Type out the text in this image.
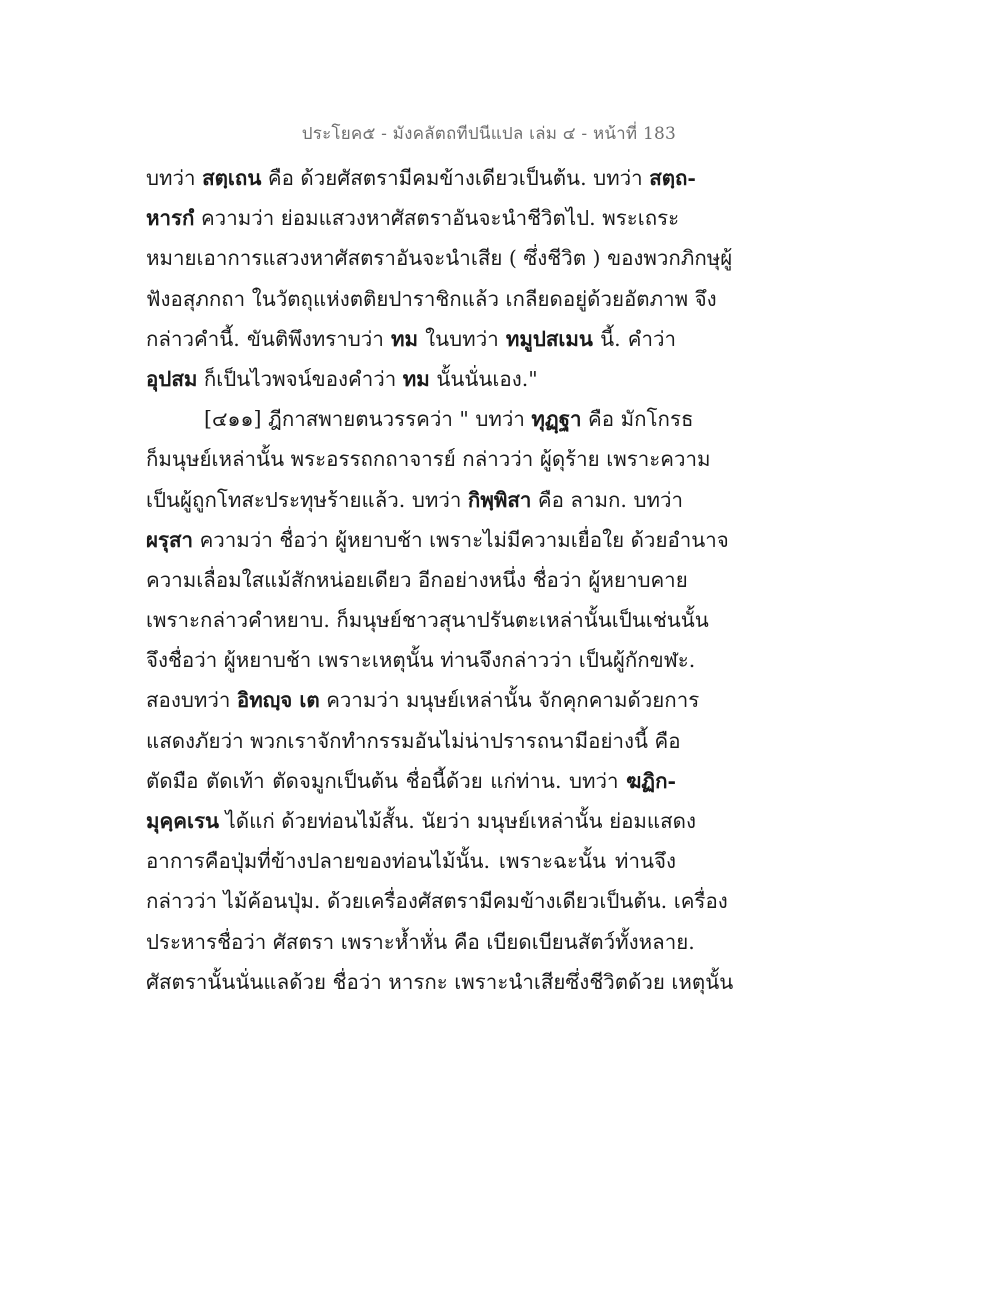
ประโยค๕ - มังคลัตถทีปนีแปล เล่ม ๔ - หน้าที่ 183
บทว่า สตฺเถน คือ ด้วยศัสตรามีคมข้างเดียวเป็นต้น. บทว่า สตฺถ-
หารกํ ความว่า ย่อมแสวงหาศัสตราอันจะนำชีวิตไป. พระเถระ
หมายเอาการแสวงหาศัสตราอันจะนำเสีย ( ซึ่งชีวิต ) ของพวกภิกษุผู้
ฟังอสุภกถา ในวัตถุแห่งตติยปาราชิกแล้ว เกลียดอยู่ด้วยอัตภาพ จึง
กล่าวคำนี้. ขันติพึงทราบว่า ทม ในบทว่า ทมูปสเมน นี้. คำว่า
อุปสม ก็เป็นไวพจน์ของคำว่า ทม นั้นนั่นเอง."
[๔๑๑] ฎีกาสพายตนวรรคว่า " บทว่า ทุฏฺฐา คือ มักโกรธ
ก็มนุษย์เหล่านั้น พระอรรถกถาจารย์ กล่าวว่า ผู้ดุร้าย เพราะความ
เป็นผู้ถูกโทสะประทุษร้ายแล้ว. บทว่า กิพฺพิสา คือ ลามก. บทว่า
ผรุสา ความว่า ชื่อว่า ผู้หยาบช้า เพราะไม่มีความเยื่อใย ด้วยอำนาจ
ความเลื่อมใสแม้สักหน่อยเดียว อีกอย่างหนึ่ง ชื่อว่า ผู้หยาบคาย
เพราะกล่าวคำหยาบ. ก็มนุษย์ชาวสุนาปรันตะเหล่านั้นเป็นเช่นนั้น
จึงชื่อว่า ผู้หยาบช้า เพราะเหตุนั้น ท่านจึงกล่าวว่า เป็นผู้กักขฬะ.
สองบทว่า อิทญฺจ เต ความว่า มนุษย์เหล่านั้น จักคุกคามด้วยการ
แสดงภัยว่า พวกเราจักทำกรรมอันไม่น่าปรารถนามีอย่างนี้ คือ
ตัดมือ ตัดเท้า ตัดจมูกเป็นต้น ชื่อนี้ด้วย แก่ท่าน. บทว่า ฆฏิก-
มุคฺคเรน ได้แก่ ด้วยท่อนไม้สั้น. นัยว่า มนุษย์เหล่านั้น ย่อมแสดง
อาการคือปุ่มที่ข้างปลายของท่อนไม้นั้น. เพราะฉะนั้น ท่านจึง
กล่าวว่า ไม้ค้อนปุ่ม. ด้วยเครื่องศัสตรามีคมข้างเดียวเป็นต้น. เครื่อง
ประหารชื่อว่า ศัสตรา เพราะห้ำหั่น คือ เบียดเบียนสัตว์ทั้งหลาย.
ศัสตรานั้นนั่นแลด้วย ชื่อว่า หารกะ เพราะนำเสียซึ่งชีวิตด้วย เหตุนั้น
